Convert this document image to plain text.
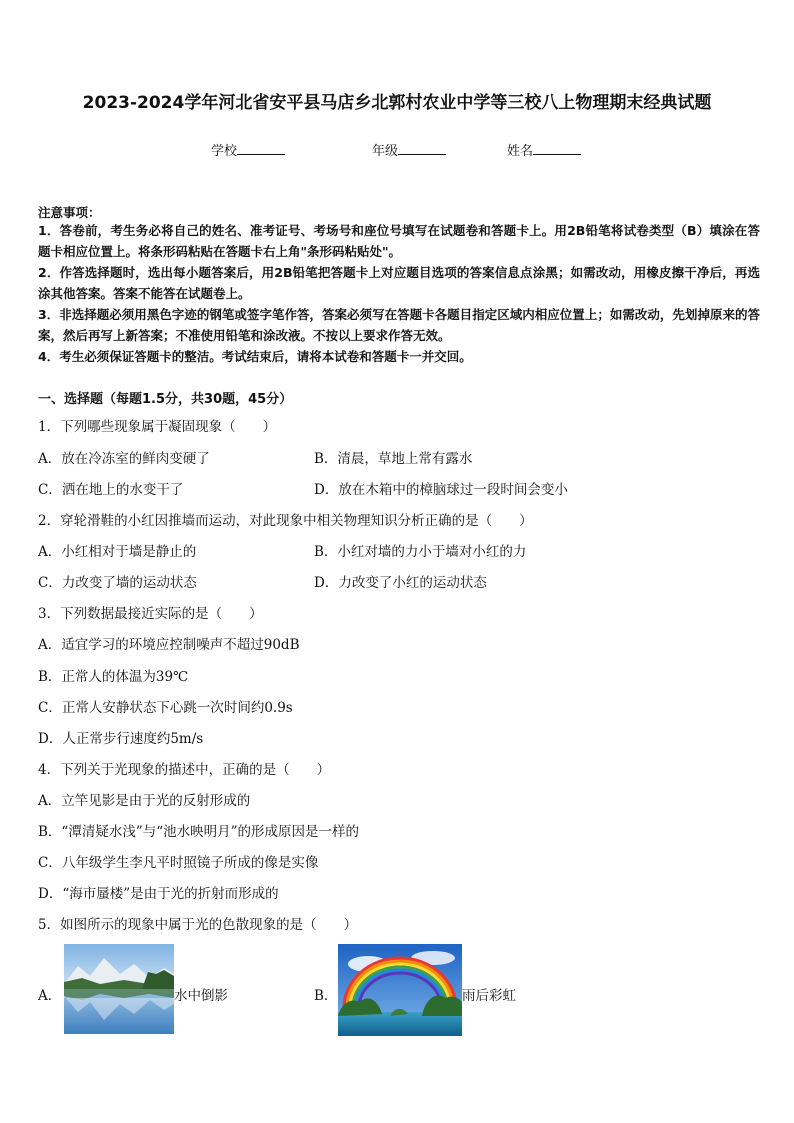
2023-2024学年河北省安平县马店乡北郭村农业中学等三校八上物理期末经典试题
学校	年级	姓名
注意事项：
1．答卷前，考生务必将自己的姓名、准考证号、考场号和座位号填写在试题卷和答题卡上。用2B铅笔将试卷类型（B）填涂在答题卡相应位置上。将条形码粘贴在答题卡右上角"条形码粘贴处"。
2．作答选择题时，选出每小题答案后，用2B铅笔把答题卡上对应题目选项的答案信息点涂黑；如需改动，用橡皮擦干净后，再选涂其他答案。答案不能答在试题卷上。
3．非选择题必须用黑色字迹的钢笔或签字笔作答，答案必须写在答题卡各题目指定区域内相应位置上；如需改动，先划掉原来的答案，然后再写上新答案；不准使用铅笔和涂改液。不按以上要求作答无效。
4．考生必须保证答题卡的整洁。考试结束后，请将本试卷和答题卡一并交回。
一、选择题（每题1.5分，共30题，45分）
1．下列哪些现象属于凝固现象（　　）
A．放在冷冻室的鲜肉变硬了	B．清晨，草地上常有露水
C．洒在地上的水变干了	D．放在木箱中的樟脑球过一段时间会变小
2．穿轮滑鞋的小红因推墙而运动，对此现象中相关物理知识分析正确的是（　　）
A．小红相对于墙是静止的	B．小红对墙的力小于墙对小红的力
C．力改变了墙的运动状态	D．力改变了小红的运动状态
3．下列数据最接近实际的是（　　）
A．适宜学习的环境应控制噪声不超过90dB
B．正常人的体温为39℃
C．正常人安静状态下心跳一次时间约0.9s
D．人正常步行速度约5m/s
4．下列关于光现象的描述中，正确的是（　　）
A．立竿见影是由于光的反射形成的
B．“潭清疑水浅”与“池水映明月”的形成原因是一样的
C．八年级学生李凡平时照镜子所成的像是实像
D．“海市蜃楼”是由于光的折射而形成的
5．如图所示的现象中属于光的色散现象的是（　　）
A．	水中倒影	B．	雨后彩虹
